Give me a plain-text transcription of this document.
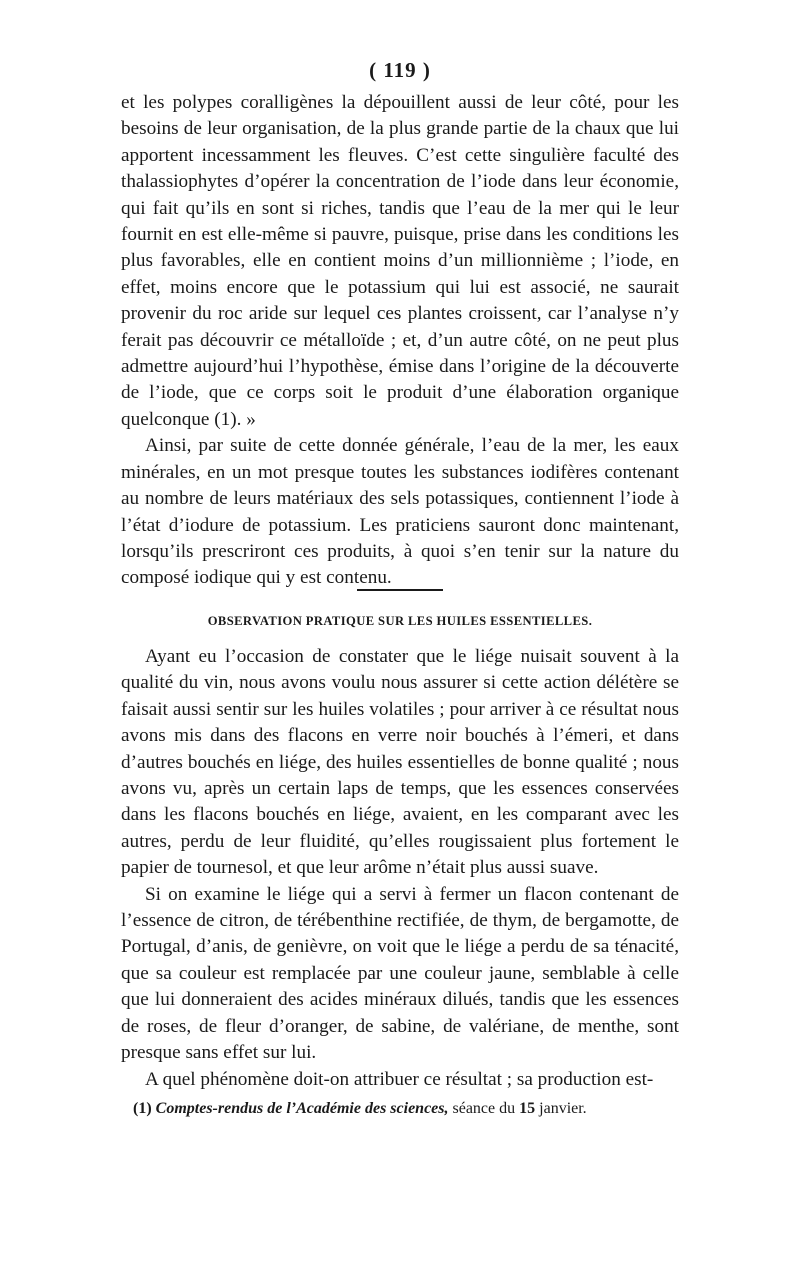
( 119 )

et les polypes coralligènes la dépouillent aussi de leur côté, pour les besoins de leur organisation, de la plus grande partie de la chaux que lui apportent incessamment les fleuves. C’est cette singulière faculté des thalassiophytes d’opérer la concentration de l’iode dans leur économie, qui fait qu’ils en sont si riches, tandis que l’eau de la mer qui le leur fournit en est elle-même si pauvre, puisque, prise dans les conditions les plus favorables, elle en contient moins d’un millionnième ; l’iode, en effet, moins encore que le potassium qui lui est associé, ne saurait provenir du roc aride sur lequel ces plantes croissent, car l’analyse n’y ferait pas découvrir ce métalloïde ; et, d’un autre côté, on ne peut plus admettre aujourd’hui l’hypothèse, émise dans l’origine de la découverte de l’iode, que ce corps soit le produit d’une élaboration organique quelconque (1). »

Ainsi, par suite de cette donnée générale, l’eau de la mer, les eaux minérales, en un mot presque toutes les substances iodifères contenant au nombre de leurs matériaux des sels potassiques, contiennent l’iode à l’état d’iodure de potassium. Les praticiens sauront donc maintenant, lorsqu’ils prescriront ces produits, à quoi s’en tenir sur la nature du composé iodique qui y est contenu.

OBSERVATION PRATIQUE SUR LES HUILES ESSENTIELLES.

Ayant eu l’occasion de constater que le liége nuisait souvent à la qualité du vin, nous avons voulu nous assurer si cette action délétère se faisait aussi sentir sur les huiles volatiles ; pour arriver à ce résultat nous avons mis dans des flacons en verre noir bouchés à l’émeri, et dans d’autres bouchés en liége, des huiles essentielles de bonne qualité ; nous avons vu, après un certain laps de temps, que les essences conservées dans les flacons bouchés en liége, avaient, en les comparant avec les autres, perdu de leur fluidité, qu’elles rougissaient plus fortement le papier de tournesol, et que leur arôme n’était plus aussi suave.

Si on examine le liége qui a servi à fermer un flacon contenant de l’essence de citron, de térébenthine rectifiée, de thym, de bergamotte, de Portugal, d’anis, de genièvre, on voit que le liége a perdu de sa ténacité, que sa couleur est remplacée par une couleur jaune, semblable à celle que lui donneraient des acides minéraux dilués, tandis que les essences de roses, de fleur d’oranger, de sabine, de valériane, de menthe, sont presque sans effet sur lui.

A quel phénomène doit-on attribuer ce résultat ; sa production est-

(1) Comptes-rendus de l’Académie des sciences, séance du 15 janvier.
